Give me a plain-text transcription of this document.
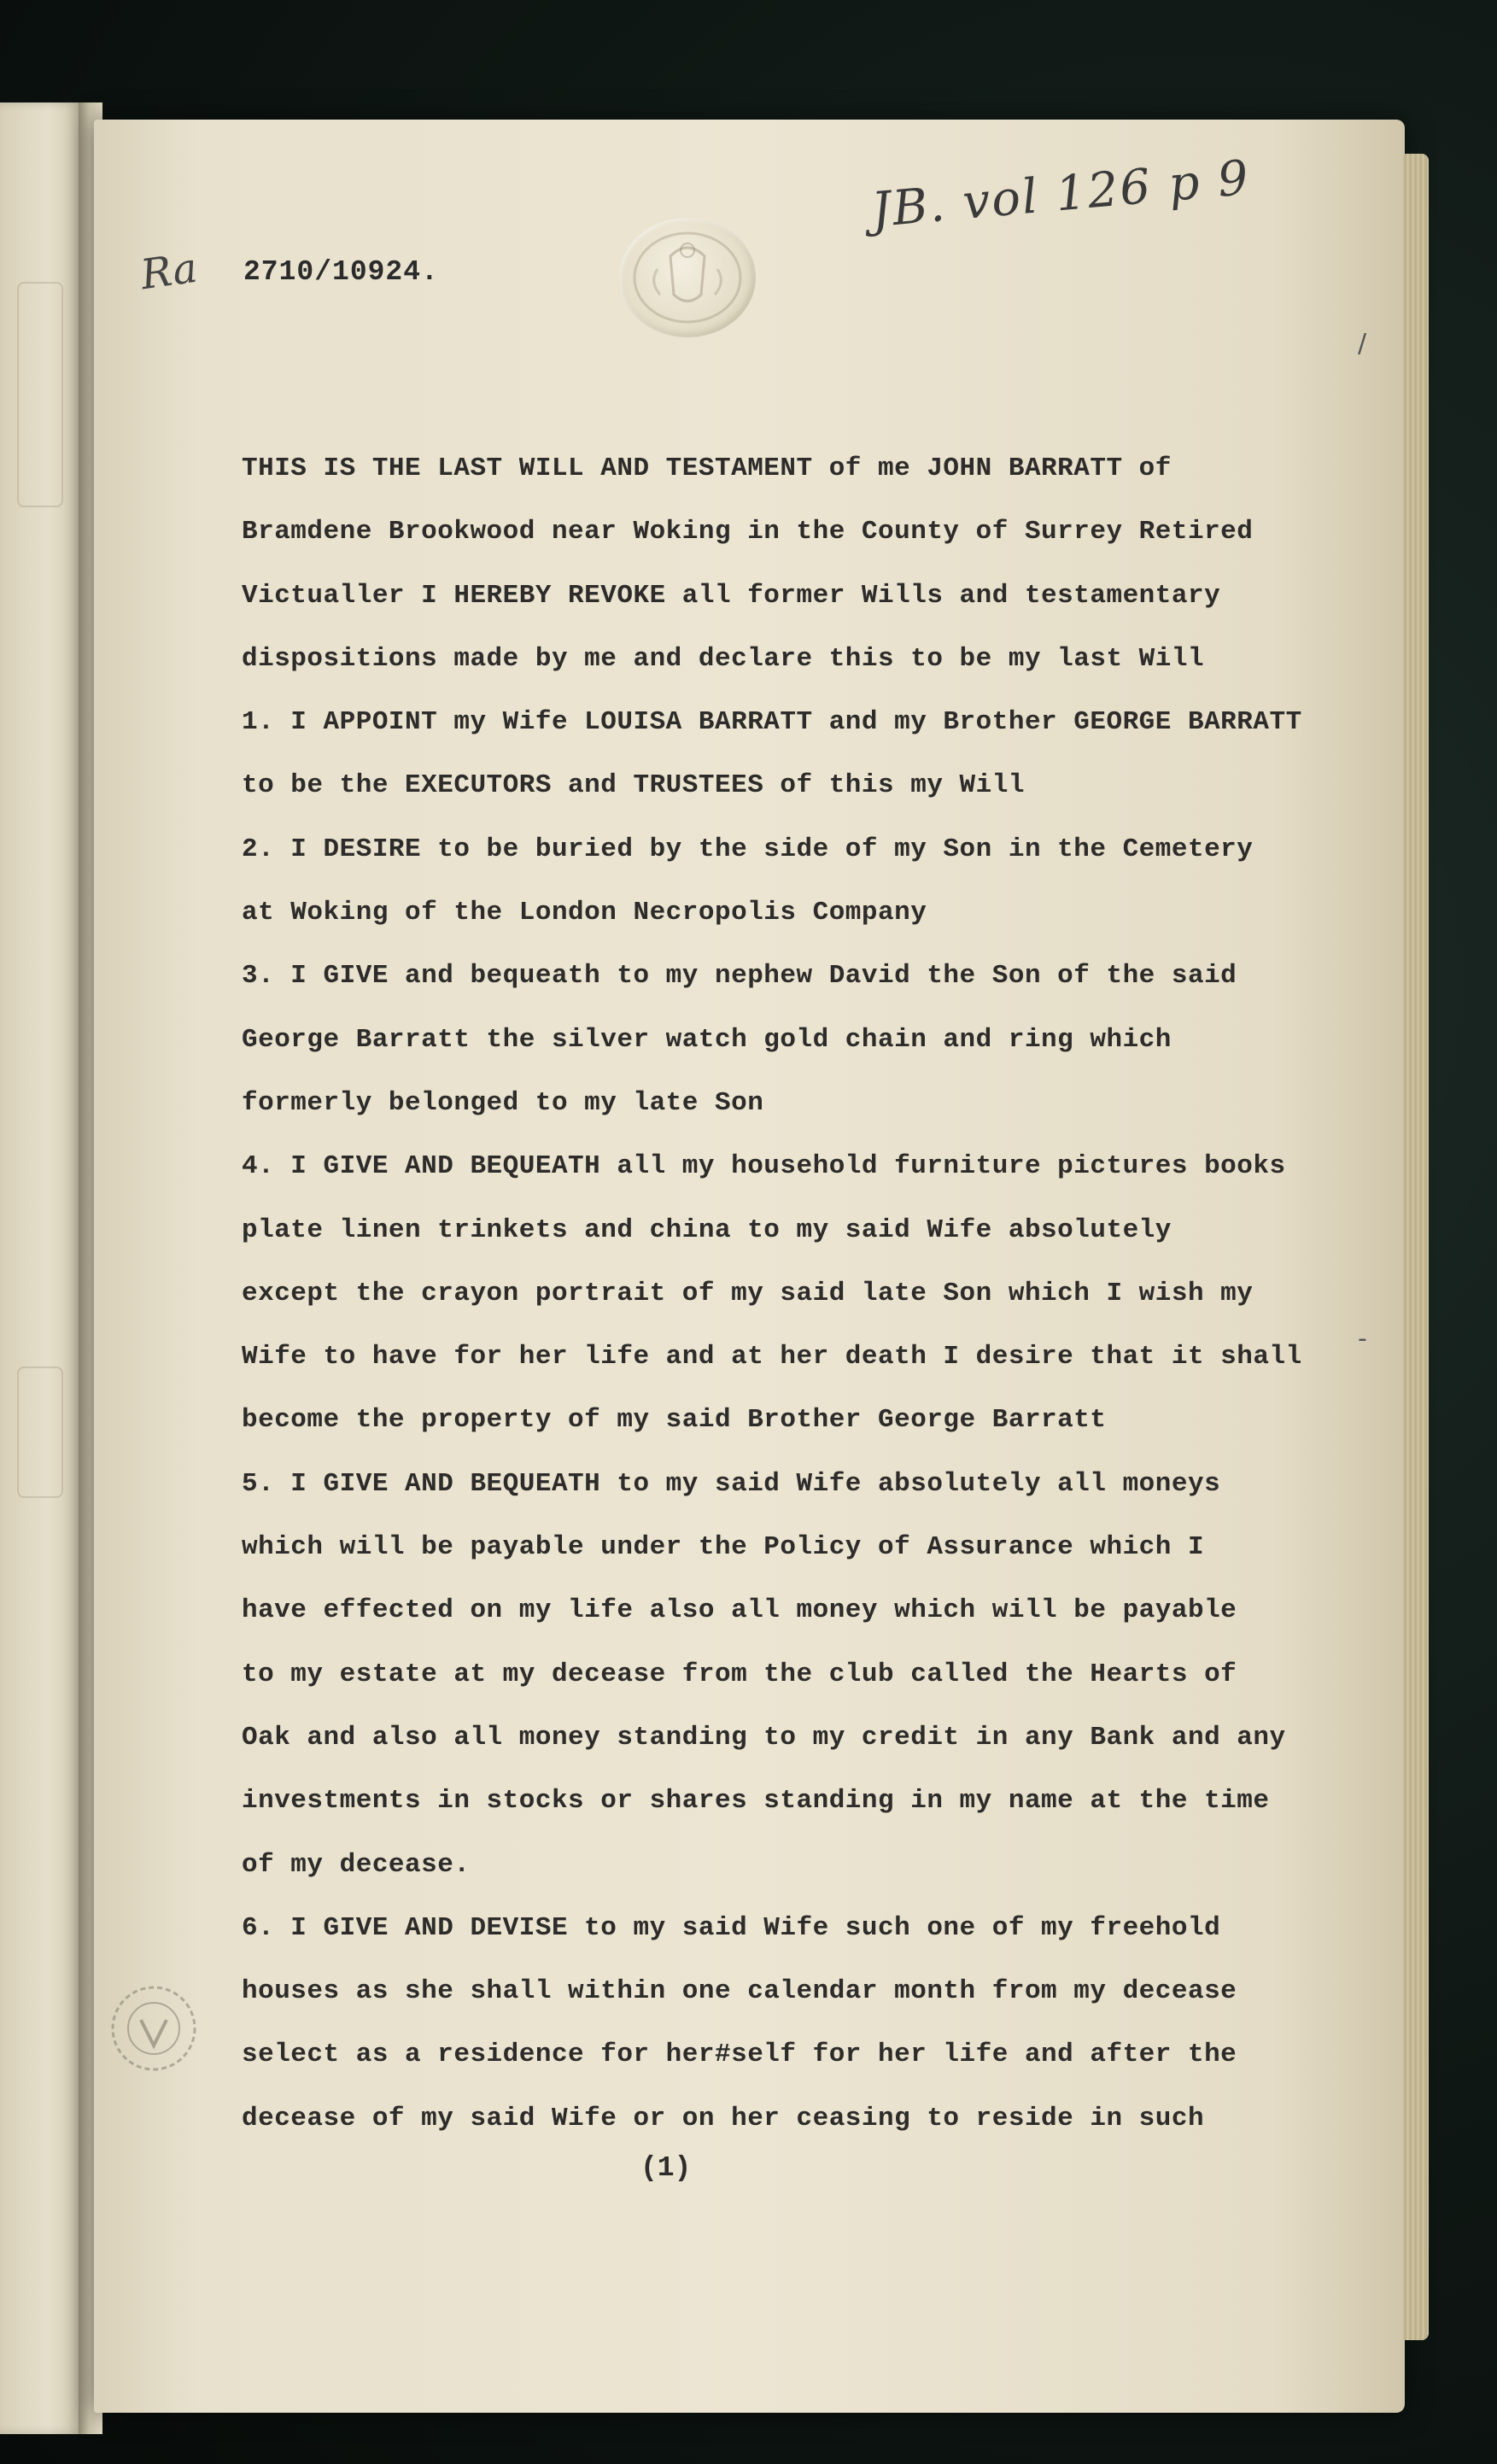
JB. vol 126 p 9
Ra 2710/10924.
/
-
THIS IS THE LAST WILL AND TESTAMENT of me JOHN BARRATT of
Bramdene Brookwood near Woking in the County of Surrey Retired
Victualler I HEREBY REVOKE all former Wills and testamentary
dispositions made by me and declare this to be my last Will
1. I APPOINT my Wife LOUISA BARRATT and my Brother GEORGE BARRATT
to be the EXECUTORS and TRUSTEES of this my Will
2. I DESIRE to be buried by the side of my Son in the Cemetery
at Woking of the London Necropolis Company
3. I GIVE and bequeath to my nephew David the Son of the said
George Barratt the silver watch gold chain and ring which
formerly belonged to my late Son
4. I GIVE AND BEQUEATH all my household furniture pictures books
plate linen trinkets and china to my said Wife absolutely
except the crayon portrait of my said late Son which I wish my
Wife to have for her life and at her death I desire that it shall
become the property of my said Brother George Barratt
5. I GIVE AND BEQUEATH to my said Wife absolutely all moneys
which will be payable under the Policy of Assurance which I
have effected on my life also all money which will be payable
to my estate at my decease from the club called the Hearts of
Oak and also all money standing to my credit in any Bank and any
investments in stocks or shares standing in my name at the time
of my decease.
6. I GIVE AND DEVISE to my said Wife such one of my freehold
houses as she shall within one calendar month from my decease
select as a residence for her#self for her life and after the
decease of my said Wife or on her ceasing to reside in such
(1)
